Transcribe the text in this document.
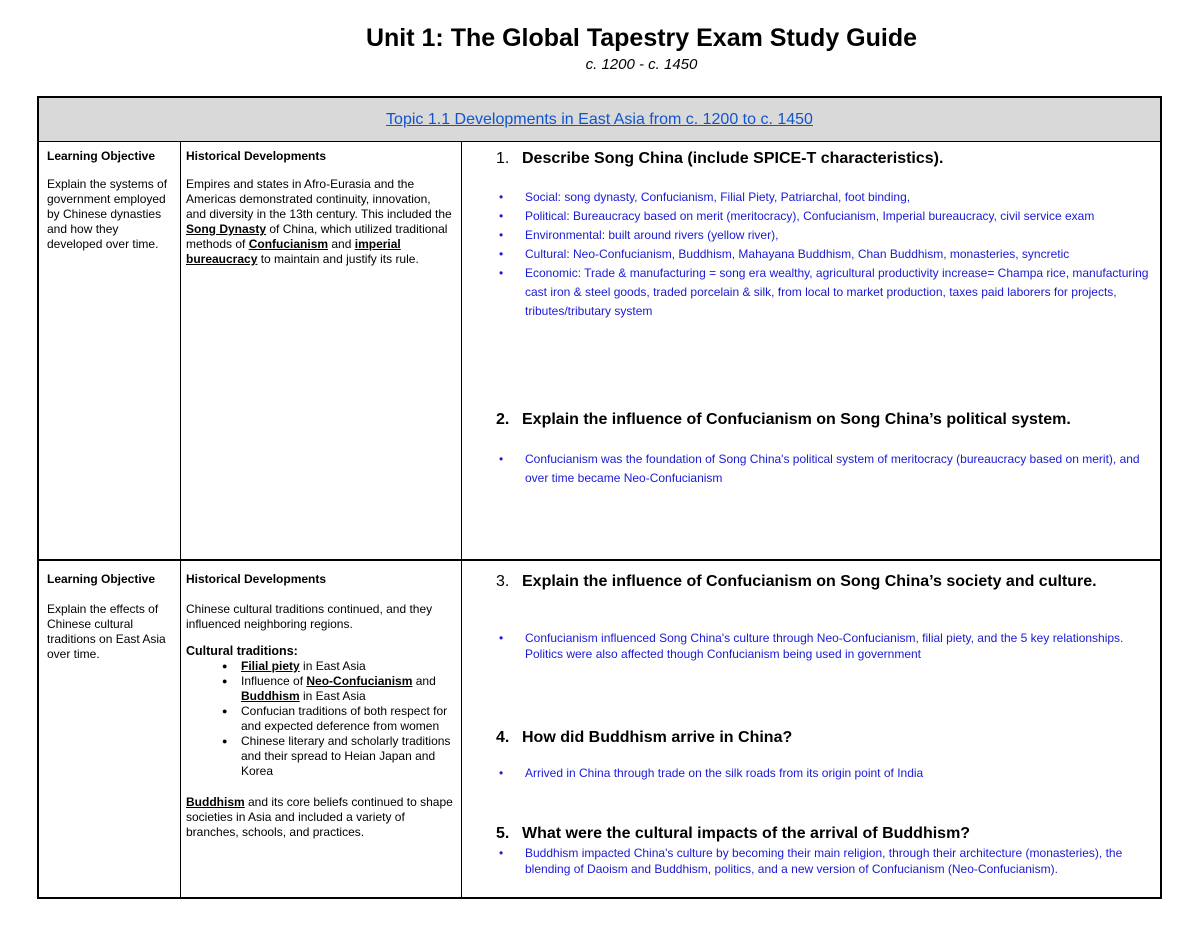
Unit 1: The Global Tapestry Exam Study Guide
c. 1200 - c. 1450
Topic 1.1 Developments in East Asia from c. 1200 to c. 1450
Learning Objective
Explain the systems of government employed by Chinese dynasties and how they developed over time.
Historical Developments
Empires and states in Afro-Eurasia and the Americas demonstrated continuity, innovation, and diversity in the 13th century. This included the Song Dynasty of China, which utilized traditional methods of Confucianism and imperial bureaucracy to maintain and justify its rule.
1. Describe Song China (include SPICE-T characteristics).
• Social: song dynasty, Confucianism, Filial Piety, Patriarchal, foot binding,
• Political: Bureaucracy based on merit (meritocracy), Confucianism, Imperial bureaucracy, civil service exam
• Environmental: built around rivers (yellow river),
• Cultural: Neo-Confucianism, Buddhism, Mahayana Buddhism, Chan Buddhism, monasteries, syncretic
• Economic: Trade & manufacturing = song era wealthy, agricultural productivity increase= Champa rice, manufacturing cast iron & steel goods, traded porcelain & silk, from local to market production, taxes paid laborers for projects, tributes/tributary system
2. Explain the influence of Confucianism on Song China’s political system.
• Confucianism was the foundation of Song China's political system of meritocracy (bureaucracy based on merit), and over time became Neo-Confucianism
Learning Objective
Explain the effects of Chinese cultural traditions on East Asia over time.
Historical Developments
Chinese cultural traditions continued, and they influenced neighboring regions.
Cultural traditions:
● Filial piety in East Asia
● Influence of Neo-Confucianism and Buddhism in East Asia
● Confucian traditions of both respect for and expected deference from women
● Chinese literary and scholarly traditions and their spread to Heian Japan and Korea
Buddhism and its core beliefs continued to shape societies in Asia and included a variety of branches, schools, and practices.
3. Explain the influence of Confucianism on Song China’s society and culture.
• Confucianism influenced Song China's culture through Neo-Confucianism, filial piety, and the 5 key relationships. Politics were also affected though Confucianism being used in government
4. How did Buddhism arrive in China?
• Arrived in China through trade on the silk roads from its origin point of India
5. What were the cultural impacts of the arrival of Buddhism?
• Buddhism impacted China's culture by becoming their main religion, through their architecture (monasteries), the blending of Daoism and Buddhism, politics, and a new version of Confucianism (Neo-Confucianism).
